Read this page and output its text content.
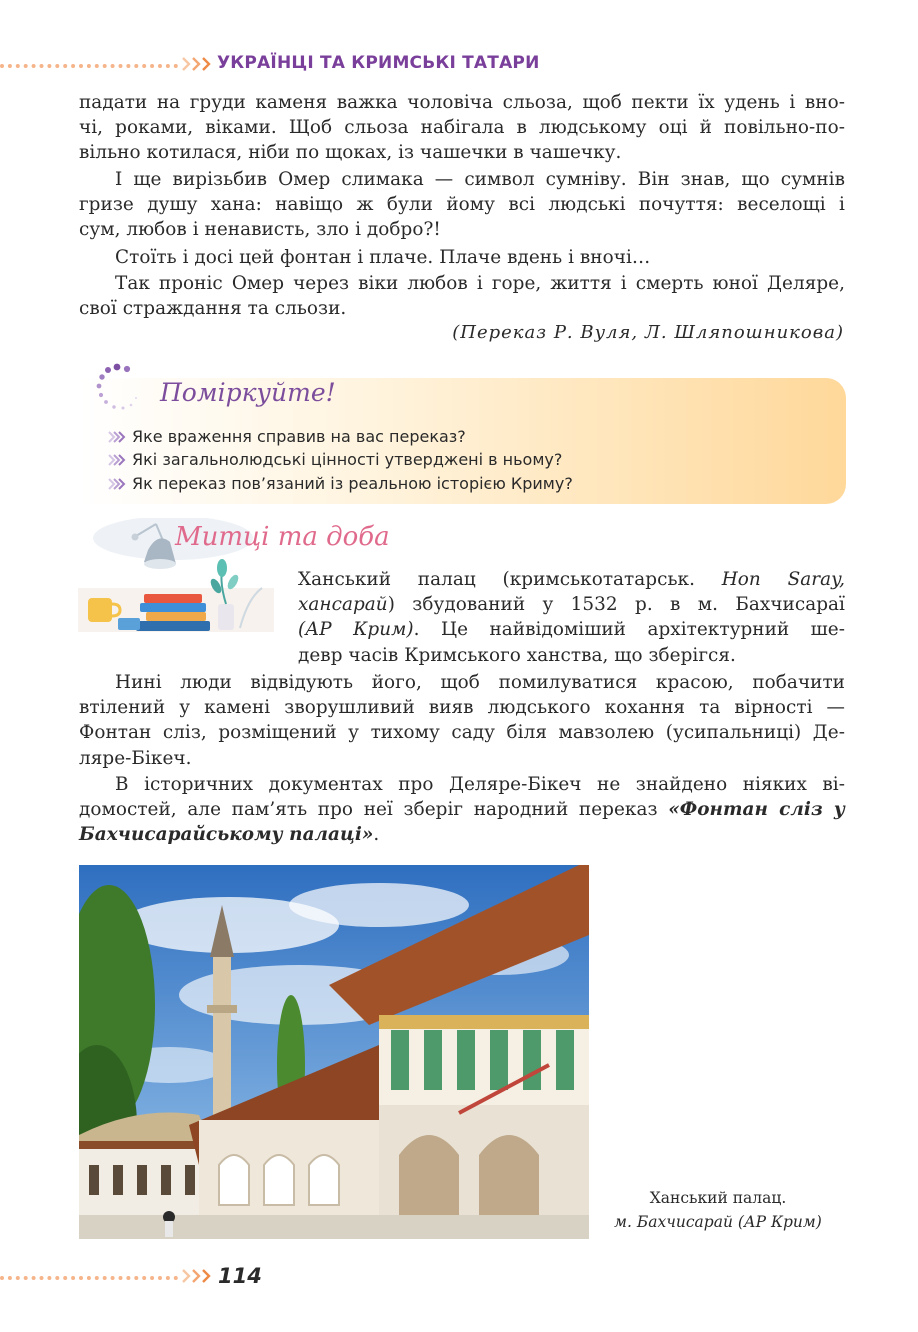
УКРАЇНЦІ ТА КРИМСЬКІ ТАТАРИ
падати на груди каменя важка чоловіча сльоза, щоб пекти їх удень і вно-
чі, роками, віками. Щоб сльоза набігала в людському оці й повільно-по-
вільно котилася, ніби по щоках, із чашечки в чашечку.
І ще вирізьбив Омер слимака — символ сумніву. Він знав, що сумнів
гризе душу хана: навіщо ж були йому всі людські почуття: веселощі і
сум, любов і ненависть, зло і добро?!
Стоїть і досі цей фонтан і плаче. Плаче вдень і вночі…
Так проніс Омер через віки любов і горе, життя і смерть юної Деляре,
свої страждання та сльози.
(Переказ Р. Вуля, Л. Шляпошникова)
Поміркуйте!
Яке враження справив на вас переказ?
Які загальнолюдські цінності утверджені в ньому?
Як переказ пов’язаний із реальною історією Криму?
Митці та доба
Ханський палац (кримськотатарськ. Hon Saray,
хансарай) збудований у 1532 р. в м. Бахчисараї
(АР Крим). Це найвідоміший архітектурний ше-
девр часів Кримського ханства, що зберігся.
Нині люди відвідують його, щоб помилуватися красою, побачити
втілений у камені зворушливий вияв людського кохання та вірності —
Фонтан сліз, розміщений у тихому саду біля мавзолею (усипальниці) Де-
ляре-Бікеч.
В історичних документах про Деляре-Бікеч не знайдено ніяких ві-
домостей, але пам’ять про неї зберіг народний переказ «Фонтан сліз у
Бахчисарайському палаці».
Ханський палац.
м. Бахчисарай (АР Крим)
114
